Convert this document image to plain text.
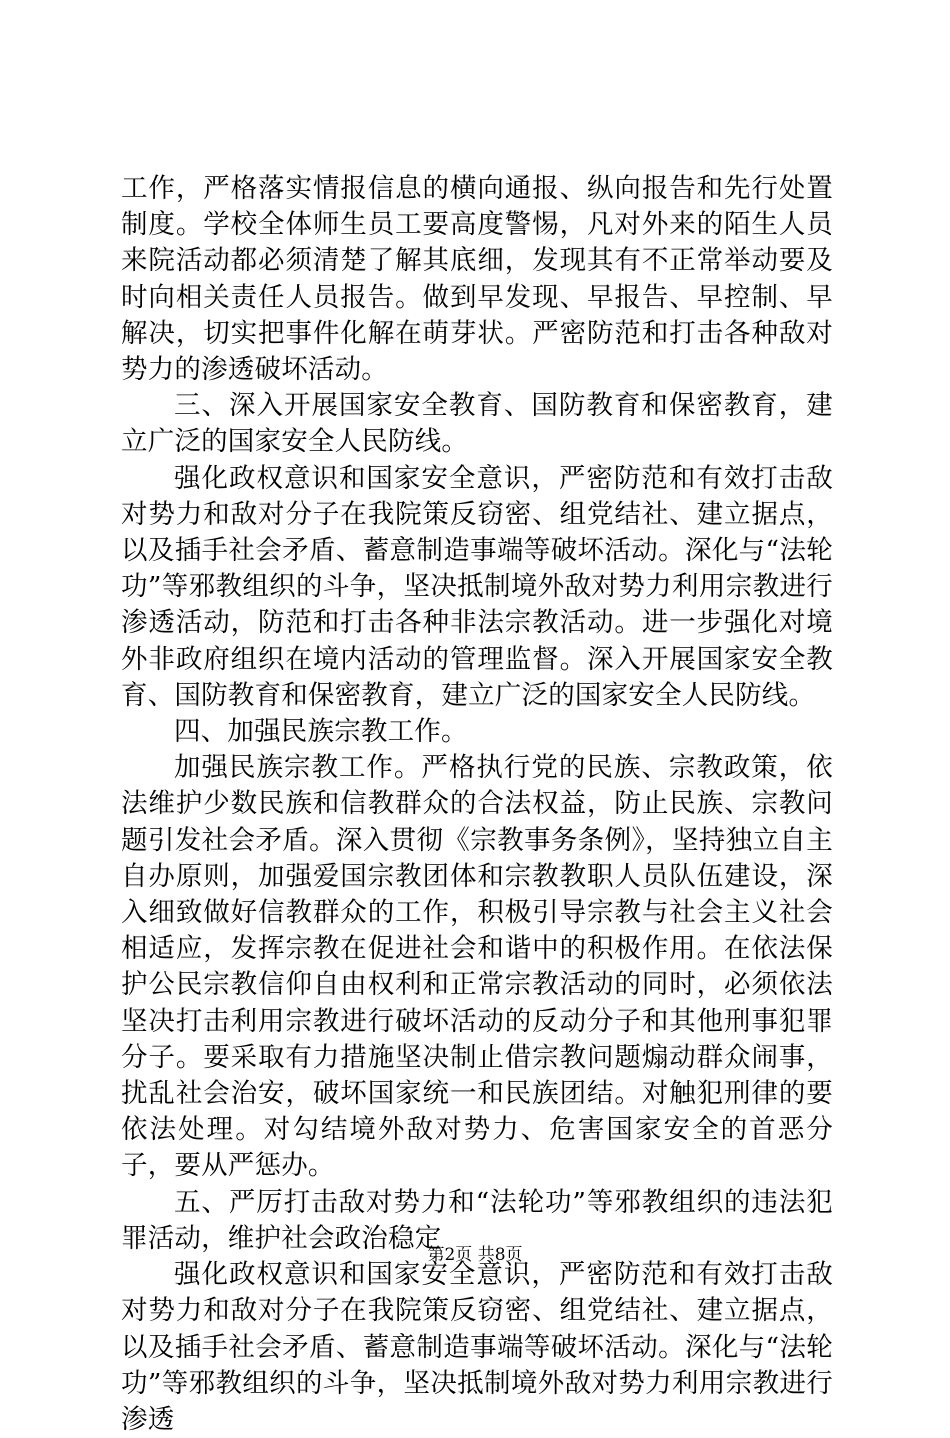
工作，严格落实情报信息的横向通报、纵向报告和先行处置制度。学校全体师生员工要高度警惕，凡对外来的陌生人员来院活动都必须清楚了解其底细，发现其有不正常举动要及时向相关责任人员报告。做到早发现、早报告、早控制、早解决，切实把事件化解在萌芽状。严密防范和打击各种敌对势力的渗透破坏活动。

三、深入开展国家安全教育、国防教育和保密教育，建立广泛的国家安全人民防线。

强化政权意识和国家安全意识，严密防范和有效打击敌对势力和敌对分子在我院策反窃密、组党结社、建立据点，以及插手社会矛盾、蓄意制造事端等破坏活动。深化与“法轮功”等邪教组织的斗争，坚决抵制境外敌对势力利用宗教进行渗透活动，防范和打击各种非法宗教活动。进一步强化对境外非政府组织在境内活动的管理监督。深入开展国家安全教育、国防教育和保密教育，建立广泛的国家安全人民防线。

四、加强民族宗教工作。

加强民族宗教工作。严格执行党的民族、宗教政策，依法维护少数民族和信教群众的合法权益，防止民族、宗教问题引发社会矛盾。深入贯彻《宗教事务条例》，坚持独立自主自办原则，加强爱国宗教团体和宗教教职人员队伍建设，深入细致做好信教群众的工作，积极引导宗教与社会主义社会相适应，发挥宗教在促进社会和谐中的积极作用。在依法保护公民宗教信仰自由权利和正常宗教活动的同时，必须依法坚决打击利用宗教进行破坏活动的反动分子和其他刑事犯罪分子。要采取有力措施坚决制止借宗教问题煽动群众闹事，扰乱社会治安，破坏国家统一和民族团结。对触犯刑律的要依法处理。对勾结境外敌对势力、危害国家安全的首恶分子，要从严惩办。

五、严厉打击敌对势力和“法轮功”等邪教组织的违法犯罪活动，维护社会政治稳定

强化政权意识和国家安全意识，严密防范和有效打击敌对势力和敌对分子在我院策反窃密、组党结社、建立据点，以及插手社会矛盾、蓄意制造事端等破坏活动。深化与“法轮功”等邪教组织的斗争，坚决抵制境外敌对势力利用宗教进行渗透

第2页 共8页
